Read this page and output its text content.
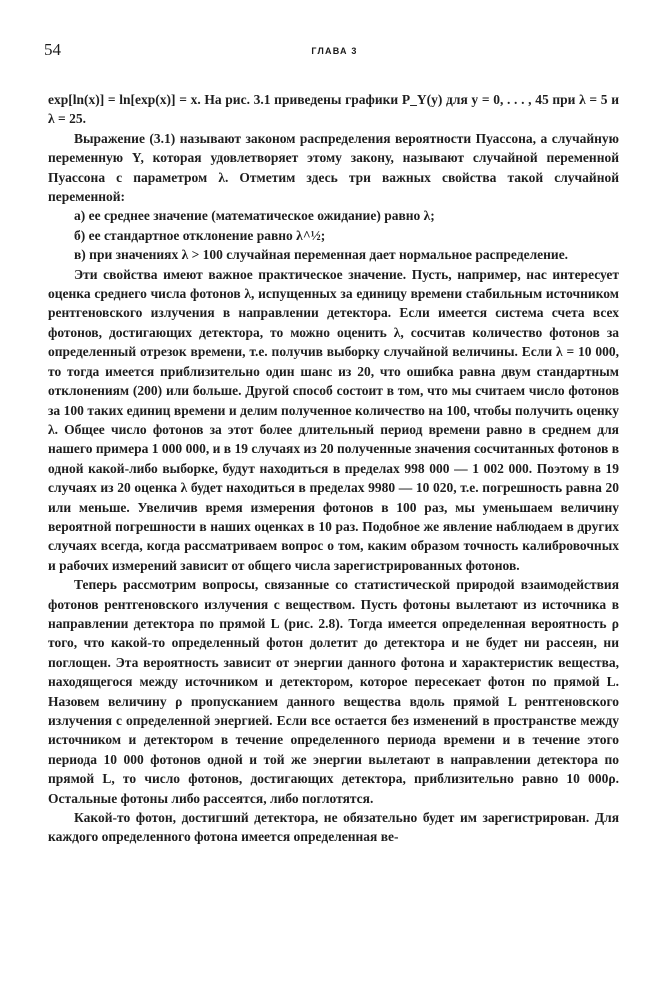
54	ГЛАВА 3

exp[ln(x)] = ln[exp(x)] = x. На рис. 3.1 приведены графики P_Y(y) для y = 0, . . . , 45 при λ = 5 и λ = 25.

Выражение (3.1) называют законом распределения вероятности Пуассона, а случайную переменную Y, которая удовлетворяет этому закону, называют случайной переменной Пуассона с параметром λ. Отметим здесь три важных свойства такой случайной переменной:

а) ее среднее значение (математическое ожидание) равно λ;

б) ее стандартное отклонение равно λ^½;

в) при значениях λ > 100 случайная переменная дает нормальное распределение.

Эти свойства имеют важное практическое значение. Пусть, например, нас интересует оценка среднего числа фотонов λ, испущенных за единицу времени стабильным источником рентгеновского излучения в направлении детектора. Если имеется система счета всех фотонов, достигающих детектора, то можно оценить λ, сосчитав количество фотонов за определенный отрезок времени, т.е. получив выборку случайной величины. Если λ = 10 000, то тогда имеется приблизительно один шанс из 20, что ошибка равна двум стандартным отклонениям (200) или больше. Другой способ состоит в том, что мы считаем число фотонов за 100 таких единиц времени и делим полученное количество на 100, чтобы получить оценку λ. Общее число фотонов за этот более длительный период времени равно в среднем для нашего примера 1 000 000, и в 19 случаях из 20 полученные значения сосчитанных фотонов в одной какой-либо выборке, будут находиться в пределах 998 000 — 1 002 000. Поэтому в 19 случаях из 20 оценка λ будет находиться в пределах 9980 — 10 020, т.е. погрешность равна 20 или меньше. Увеличив время измерения фотонов в 100 раз, мы уменьшаем величину вероятной погрешности в наших оценках в 10 раз. Подобное же явление наблюдаем в других случаях всегда, когда рассматриваем вопрос о том, каким образом точность калибровочных и рабочих измерений зависит от общего числа зарегистрированных фотонов.

Теперь рассмотрим вопросы, связанные со статистической природой взаимодействия фотонов рентгеновского излучения с веществом. Пусть фотоны вылетают из источника в направлении детектора по прямой L (рис. 2.8). Тогда имеется определенная вероятность ρ того, что какой-то определенный фотон долетит до детектора и не будет ни рассеян, ни поглощен. Эта вероятность зависит от энергии данного фотона и характеристик вещества, находящегося между источником и детектором, которое пересекает фотон по прямой L. Назовем величину ρ пропусканием данного вещества вдоль прямой L рентгеновского излучения с определенной энергией. Если все остается без изменений в пространстве между источником и детектором в течение определенного периода времени и в течение этого периода 10 000 фотонов одной и той же энергии вылетают в направлении детектора по прямой L, то число фотонов, достигающих детектора, приблизительно равно 10 000ρ. Остальные фотоны либо рассеятся, либо поглотятся.

Какой-то фотон, достигший детектора, не обязательно будет им зарегистрирован. Для каждого определенного фотона имеется определенная ве-
